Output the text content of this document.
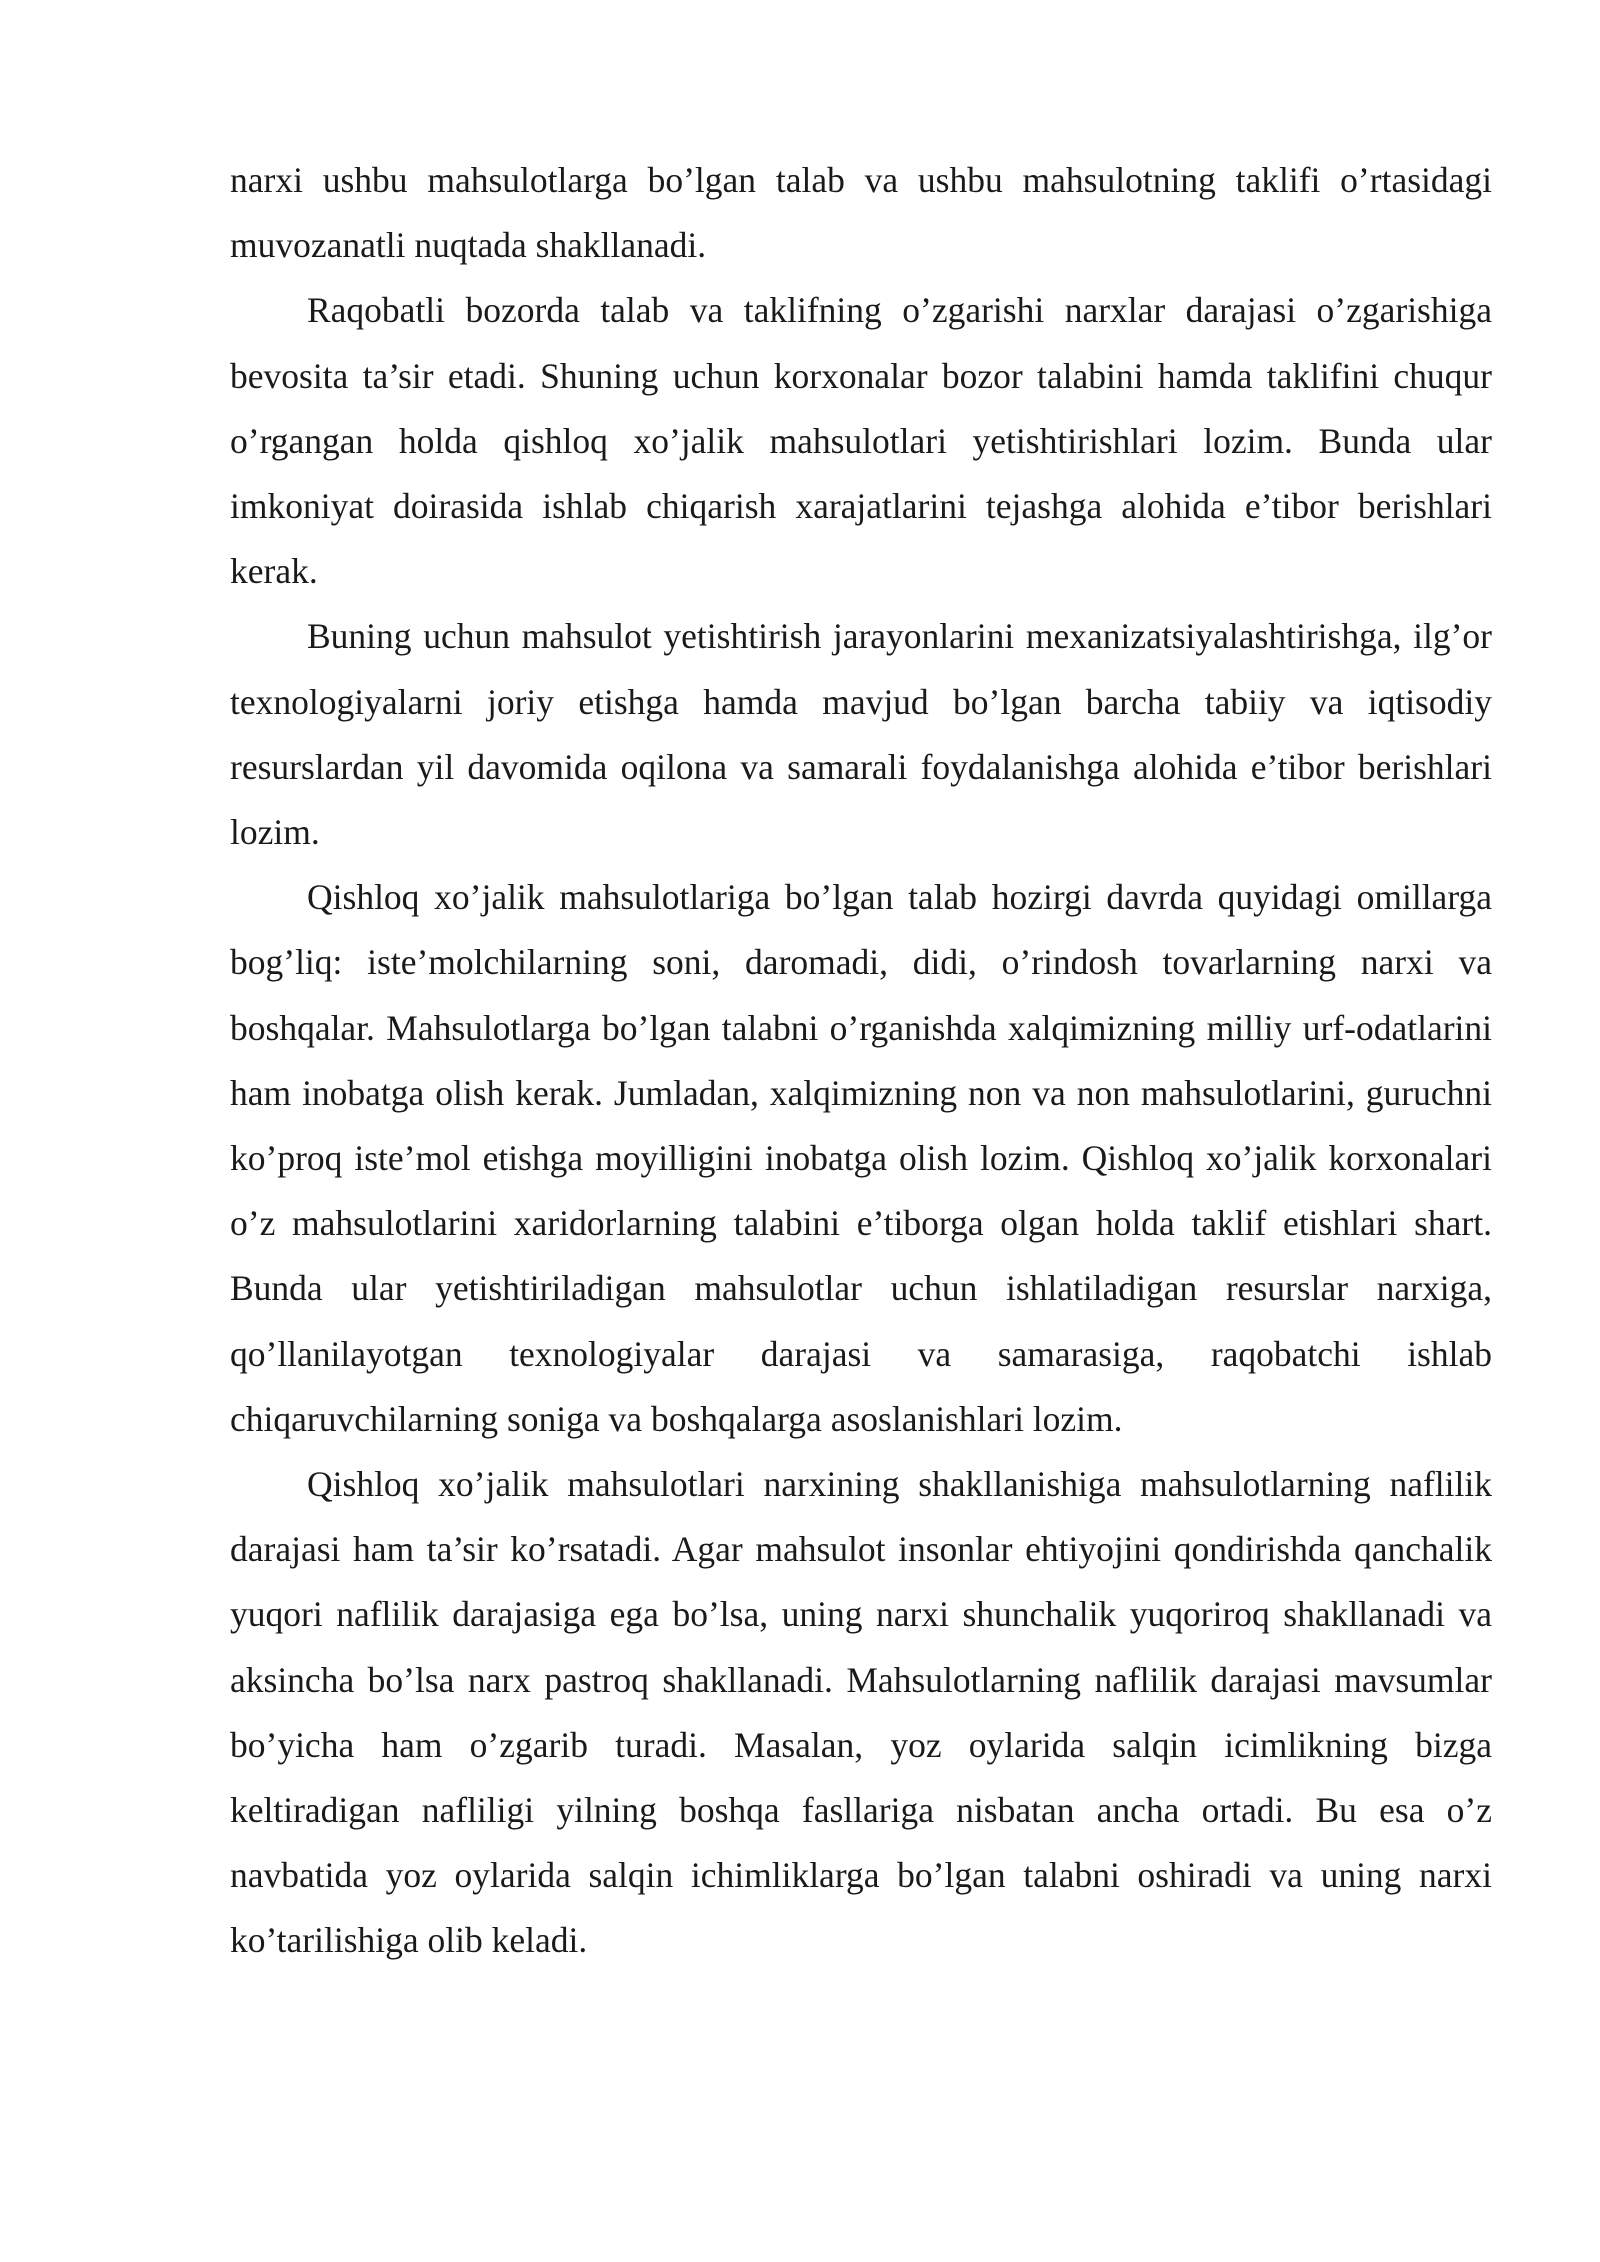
narxi ushbu mahsulotlarga bo’lgan talab va ushbu mahsulotning taklifi o’rtasidagi muvozanatli nuqtada shakllanadi.

Raqobatli bozorda talab va taklifning o’zgarishi narxlar darajasi o’zgarishiga bevosita ta’sir etadi. Shuning uchun korxonalar bozor talabini hamda taklifini chuqur o’rgangan holda qishloq xo’jalik mahsulotlari yetishtirishlari lozim. Bunda ular imkoniyat doirasida ishlab chiqarish xarajatlarini tejashga alohida e’tibor berishlari kerak.

Buning uchun mahsulot yetishtirish jarayonlarini mexanizatsiyalashtirishga, ilg’or texnologiyalarni joriy etishga hamda mavjud bo’lgan barcha tabiiy va iqtisodiy resurslardan yil davomida oqilona va samarali foydalanishga alohida e’tibor berishlari lozim.

Qishloq xo’jalik mahsulotlariga bo’lgan talab hozirgi davrda quyidagi omillarga bog’liq: iste’molchilarning soni, daromadi, didi, o’rindosh tovarlarning narxi va boshqalar. Mahsulotlarga bo’lgan talabni o’rganishda xalqimizning milliy urf-odatlarini ham inobatga olish kerak. Jumladan, xalqimizning non va non mahsulotlarini, guruchni ko’proq iste’mol etishga moyilligini inobatga olish lozim. Qishloq xo’jalik korxonalari o’z mahsulotlarini xaridorlarning talabini e’tiborga olgan holda taklif etishlari shart. Bunda ular yetishtiriladigan mahsulotlar uchun ishlatiladigan resurslar narxiga, qo’llanilayotgan texnologiyalar darajasi va samarasiga, raqobatchi ishlab chiqaruvchilarning soniga va boshqalarga asoslanishlari lozim.

Qishloq xo’jalik mahsulotlari narxining shakllanishiga mahsulotlarning naflilik darajasi ham ta’sir ko’rsatadi. Agar mahsulot insonlar ehtiyojini qondirishda qanchalik yuqori naflilik darajasiga ega bo’lsa, uning narxi shunchalik yuqoriroq shakllanadi va aksincha bo’lsa narx pastroq shakllanadi. Mahsulotlarning naflilik darajasi mavsumlar bo’yicha ham o’zgarib turadi. Masalan, yoz oylarida salqin icimlikning bizga keltiradigan nafliligi yilning boshqa fasllariga nisbatan ancha ortadi. Bu esa o’z navbatida yoz oylarida salqin ichimliklarga bo’lgan talabni oshiradi va uning narxi ko’tarilishiga olib keladi.
